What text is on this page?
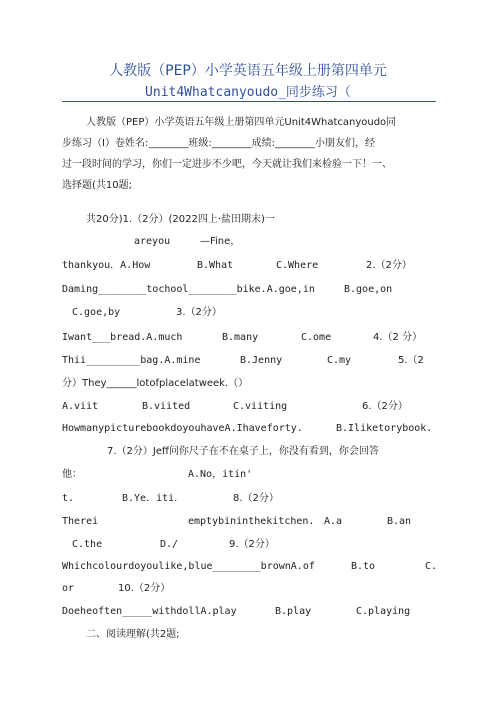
人教版（PEP）小学英语五年级上册第四单元
Unit4Whatcanyoudo_同步练习（
人教版（PEP）小学英语五年级上册第四单元Unit4Whatcanyoudo同
步练习（I）卷姓名:________班级:________成绩:________小朋友们，经
过一段时间的学习，你们一定进步不少吧，今天就让我们来检验一下！一、
选择题(共10题;
共20分)1.（2分）(2022四上·盐田期末)一
areyou	—Fine，
thankyou．A.How	B.What	C.Where	2.（2分）
Daming________tochool________bike.A.goe,in	B.goe,on
C.goe,by	3.（2分）
Iwant___bread.A.much	B.many	C.ome	4.（2 分）
Thii_________bag.A.mine	B.Jenny	C.my	5.（2
分）They______lotofplacelatweek.（）
A.viit	B.viited	C.viiting	6.（2分）
HowmanypicturebookdoyouhaveA.Ihaveforty.	B.Iliketorybook.
7.（2分）Jeff问你尺子在不在桌子上，你没有看到，你会回答
他：	A.No，itin'
t.	B.Ye．iti．	8.（2分）
Therei	emptybininthekitchen. A.a	B.an
C.the	D./	9.（2分）
Whichcolourdoyoulike,blue________brownA.of	B.to	C.
or	10.（2分）
Doeheoften_____withdollA.play	B.play	C.playing
二、阅读理解(共2题;
